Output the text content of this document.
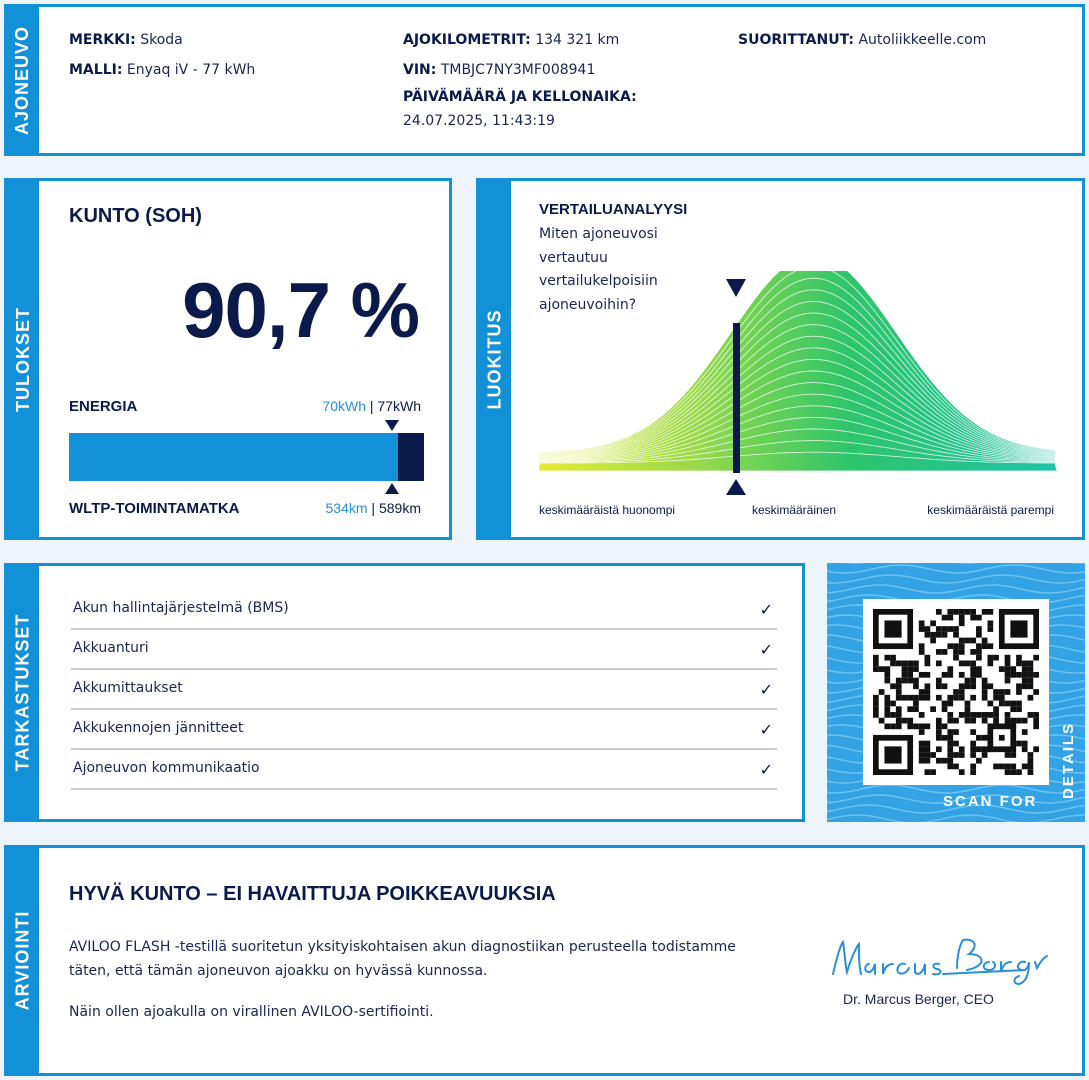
AJONEUVO	MERKKI: Skoda
MALLI: Enyaq iV - 77 kWh
AJOKILOMETRIT: 134 321 km
VIN: TMBJC7NY3MF008941
PÄIVÄMÄÄRÄ JA KELLONAIKA:
24.07.2025, 11:43:19
SUORITTANUT: Autoliikkeelle.com
TULOKSET
KUNTO (SOH)
90,7 %
ENERGIA	70kWh | 77kWh
WLTP-TOIMINTAMATKA	534km | 589km
LUOKITUS
VERTAILUANALYYSI
Miten ajoneuvosi
vertautuu
vertailukelpoisiin
ajoneuvoihin?
keskimääräistä huonompi	keskimääräinen	keskimääräistä parempi
TARKASTUKSET
Akun hallintajärjestelmä (BMS)	✓
Akkuanturi	✓
Akkumittaukset	✓
Akkukennojen jännitteet	✓
Ajoneuvon kommunikaatio	✓
SCAN FOR
DETAILS
ARVIOINTI
HYVÄ KUNTO – EI HAVAITTUJA POIKKEAVUUKSIA
AVILOO FLASH -testillä suoritetun yksityiskohtaisen akun diagnostiikan perusteella todistamme
täten, että tämän ajoneuvon ajoakku on hyvässä kunnossa.
Näin ollen ajoakulla on virallinen AVILOO-sertifiointi.
Dr. Marcus Berger, CEO
